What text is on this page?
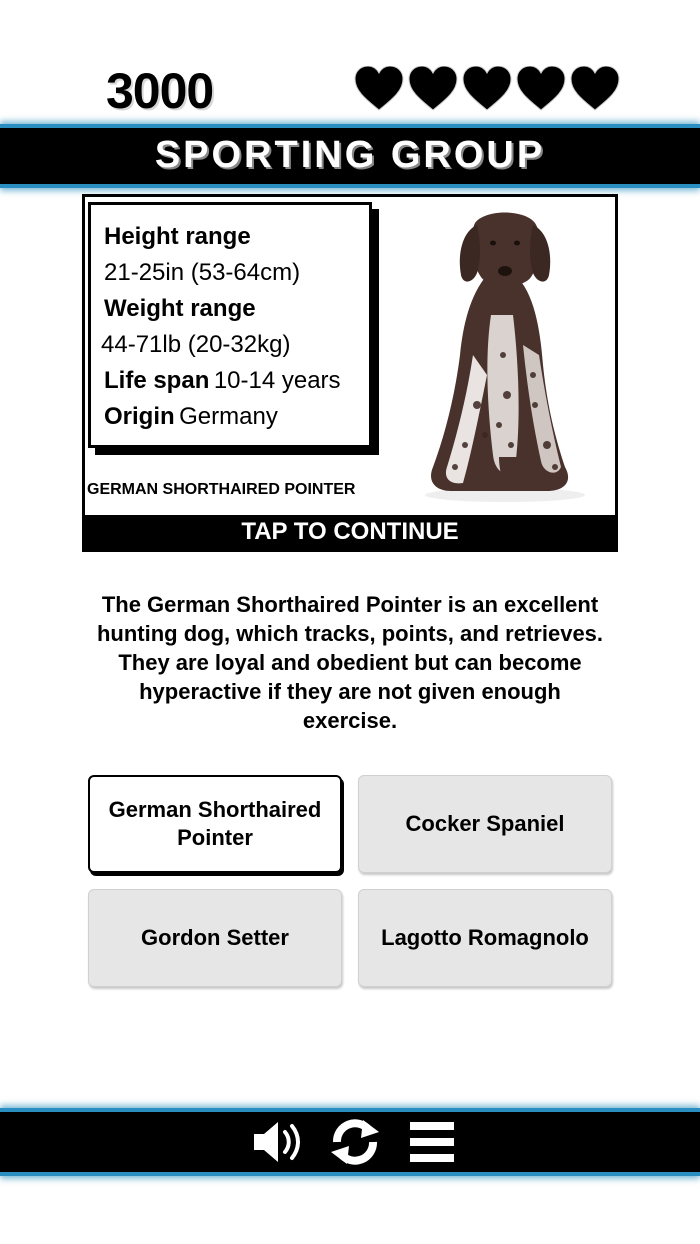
3000
SPORTING GROUP
Height range
21-25in (53-64cm)
Weight range
44-71lb (20-32kg)
Life span 10-14 years
Origin Germany
GERMAN SHORTHAIRED POINTER
TAP TO CONTINUE
The German Shorthaired Pointer is an excellent hunting dog, which tracks, points, and retrieves. They are loyal and obedient but can become hyperactive if they are not given enough exercise.
German Shorthaired Pointer
Cocker Spaniel
Gordon Setter	Lagotto Romagnolo
